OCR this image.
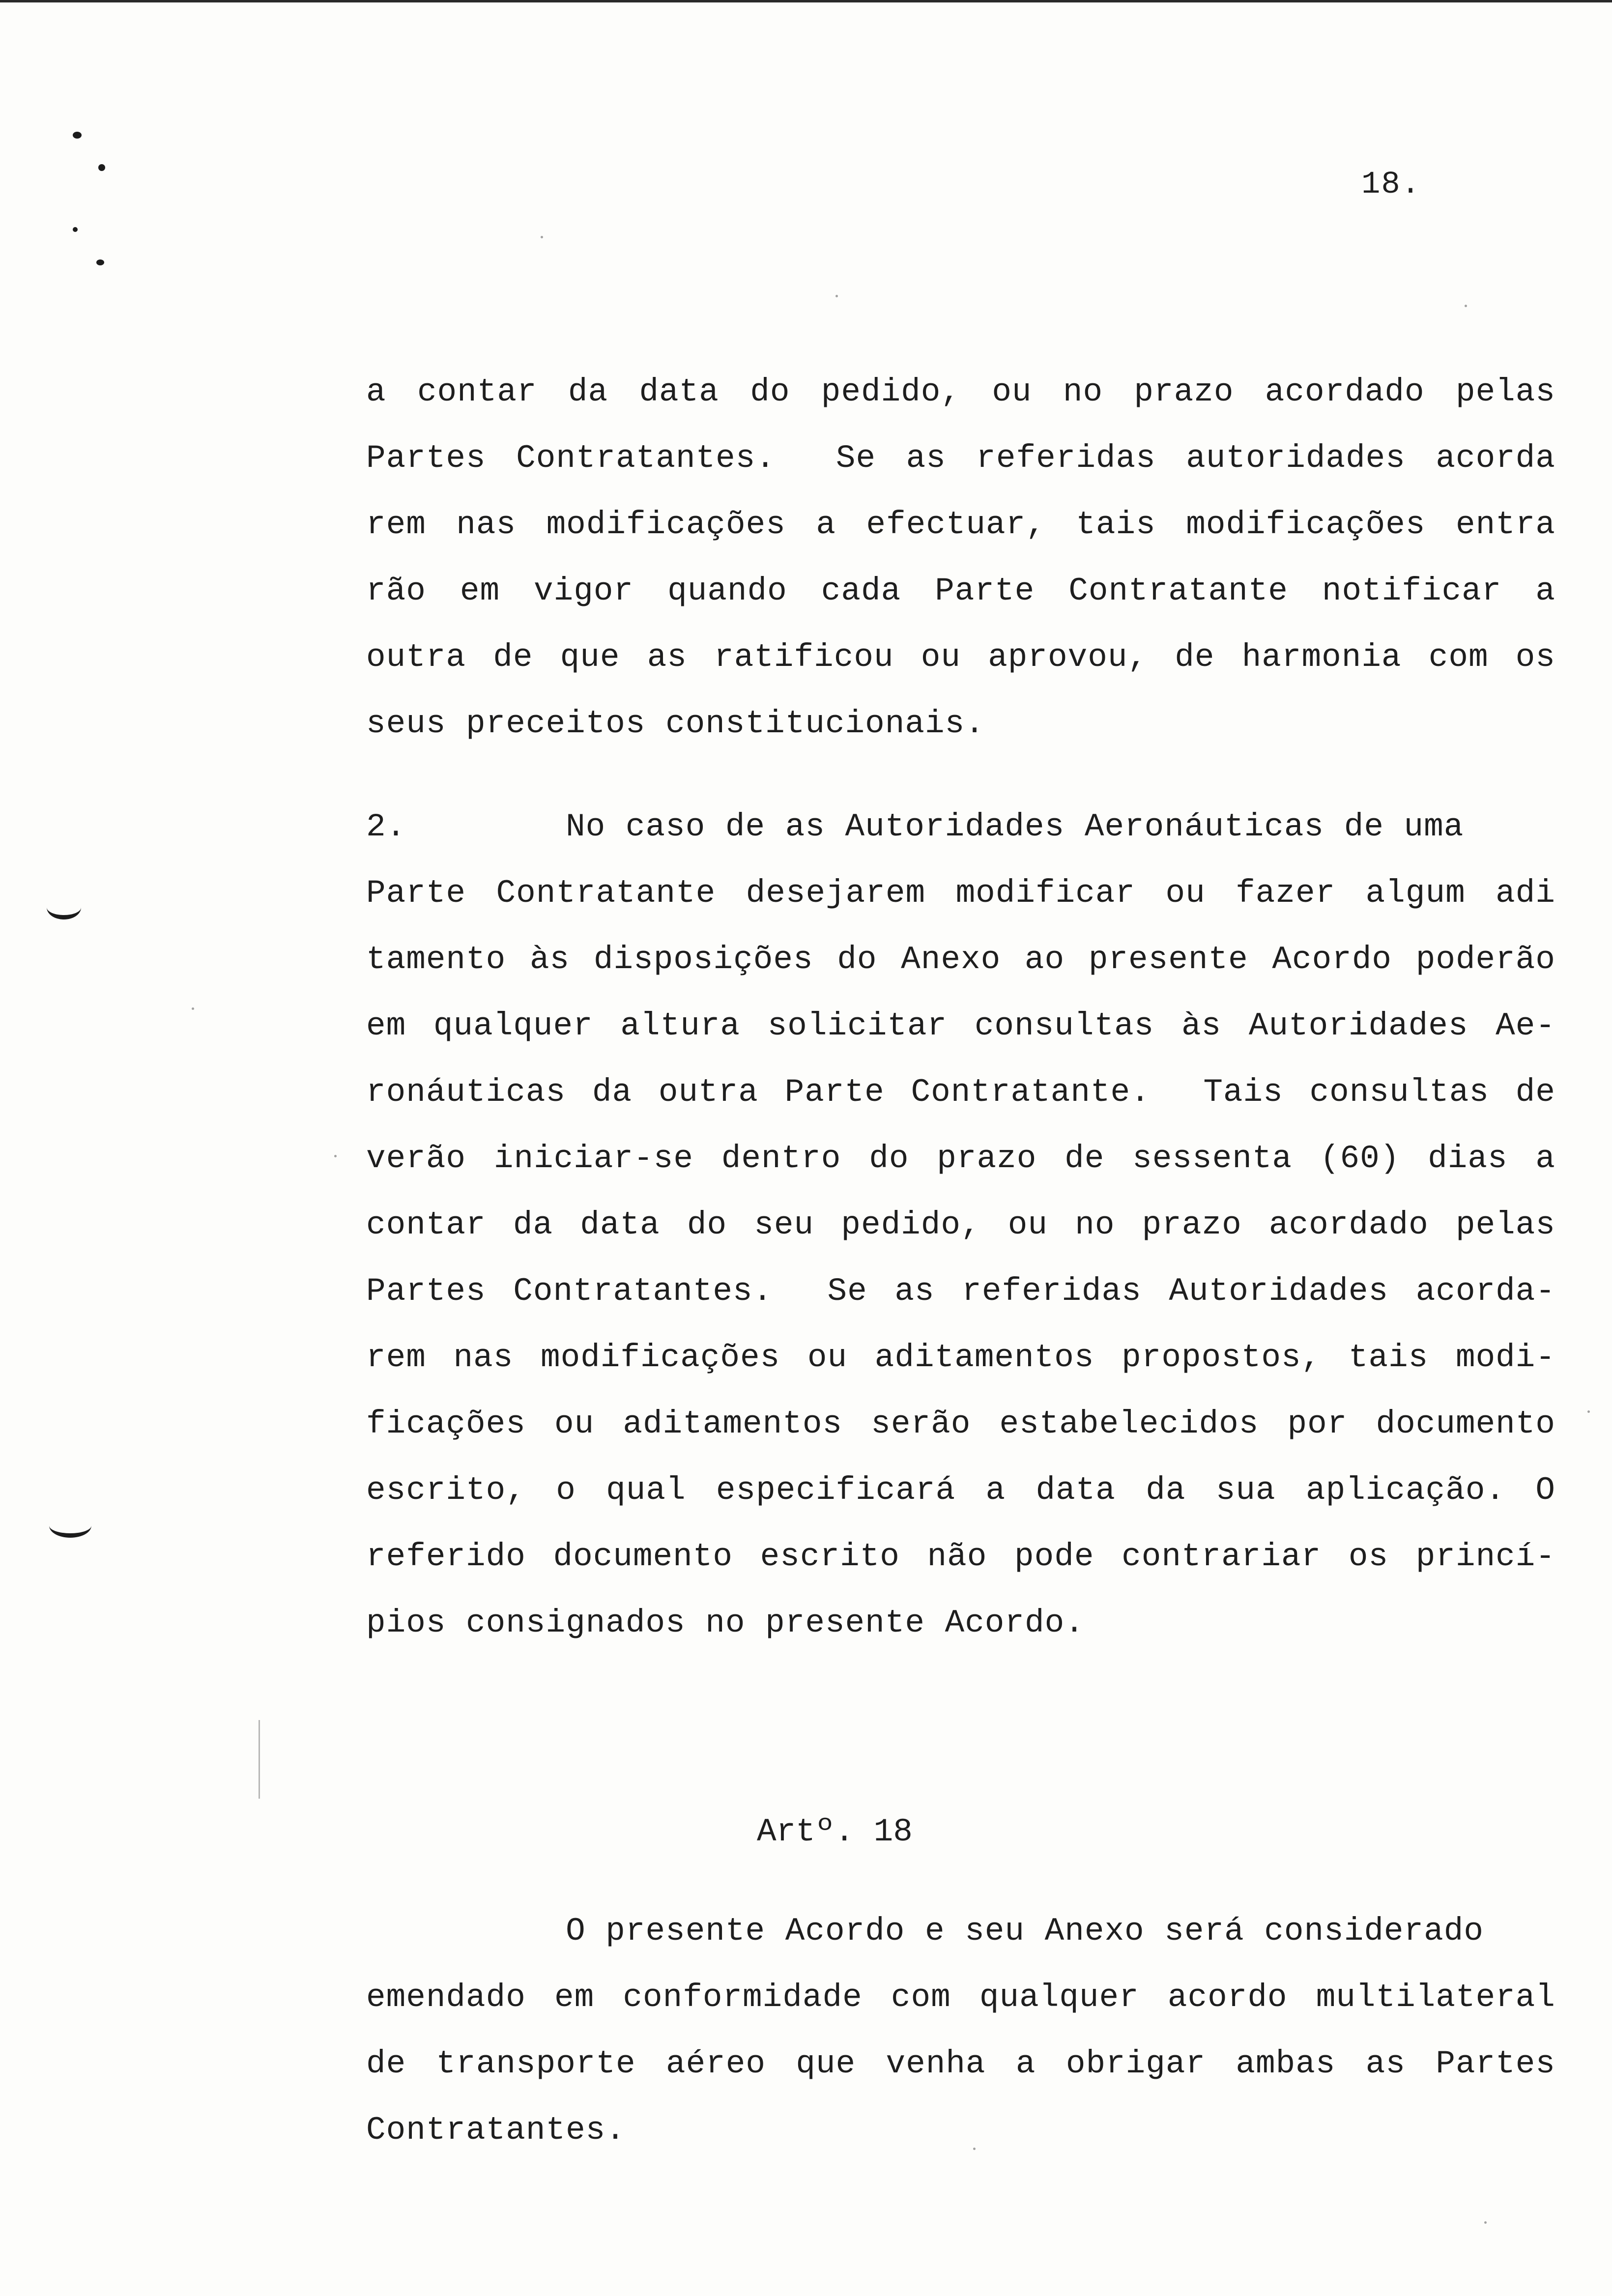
18.
a contar da data do pedido, ou no prazo acordado pelas
Partes Contratantes.  Se as referidas autoridades acorda
rem nas modificações a efectuar, tais modificações entra
rão em vigor quando cada Parte Contratante notificar a
outra de que as ratificou ou aprovou, de harmonia com os
seus preceitos constitucionais.
2.        No caso de as Autoridades Aeronáuticas de uma
Parte Contratante desejarem modificar ou fazer algum adi
tamento às disposições do Anexo ao presente Acordo poderão
em qualquer altura solicitar consultas às Autoridades Ae-
ronáuticas da outra Parte Contratante.  Tais consultas de
verão iniciar-se dentro do prazo de sessenta (60) dias a
contar da data do seu pedido, ou no prazo acordado pelas
Partes Contratantes.  Se as referidas Autoridades acorda-
rem nas modificações ou aditamentos propostos, tais modi-
ficações ou aditamentos serão estabelecidos por documento
escrito, o qual especificará a data da sua aplicação. O
referido documento escrito não pode contrariar os princí-
pios consignados no presente Acordo.
Artº. 18
O presente Acordo e seu Anexo será considerado
emendado em conformidade com qualquer acordo multilateral
de transporte aéreo que venha a obrigar ambas as Partes
Contratantes.
